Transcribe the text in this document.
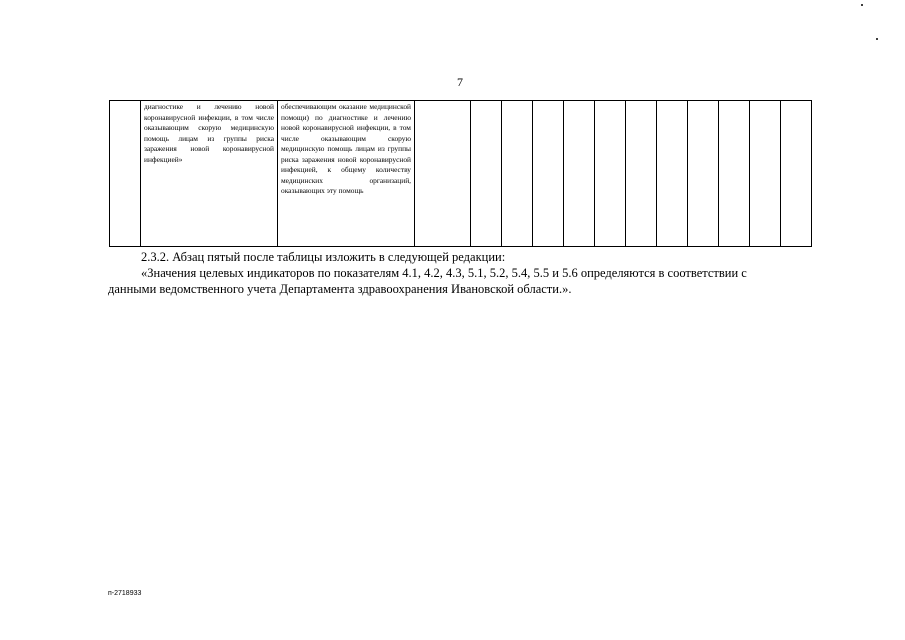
7
	диагностике и лечению новой коронавирусной инфекции, в том числе оказывающим скорую медицинскую помощь лицам из группы риска заражения новой коронавирусной инфекцией»	обеспечивающим оказание медицинской помощи) по диагностике и лечению новой коронавирусной инфекции, в том числе оказывающим скорую медицинскую помощь лицам из группы риска заражения новой коронавирусной инфекцией, к общему количеству медицинских организаций, оказывающих эту помощь												
2.3.2. Абзац пятый после таблицы изложить в следующей редакции:
«Значения целевых индикаторов по показателям 4.1, 4.2, 4.3, 5.1, 5.2, 5.4, 5.5 и 5.6 определяются в соответствии с
данными ведомственного учета Департамента здравоохранения Ивановской области.».
п-2718933
